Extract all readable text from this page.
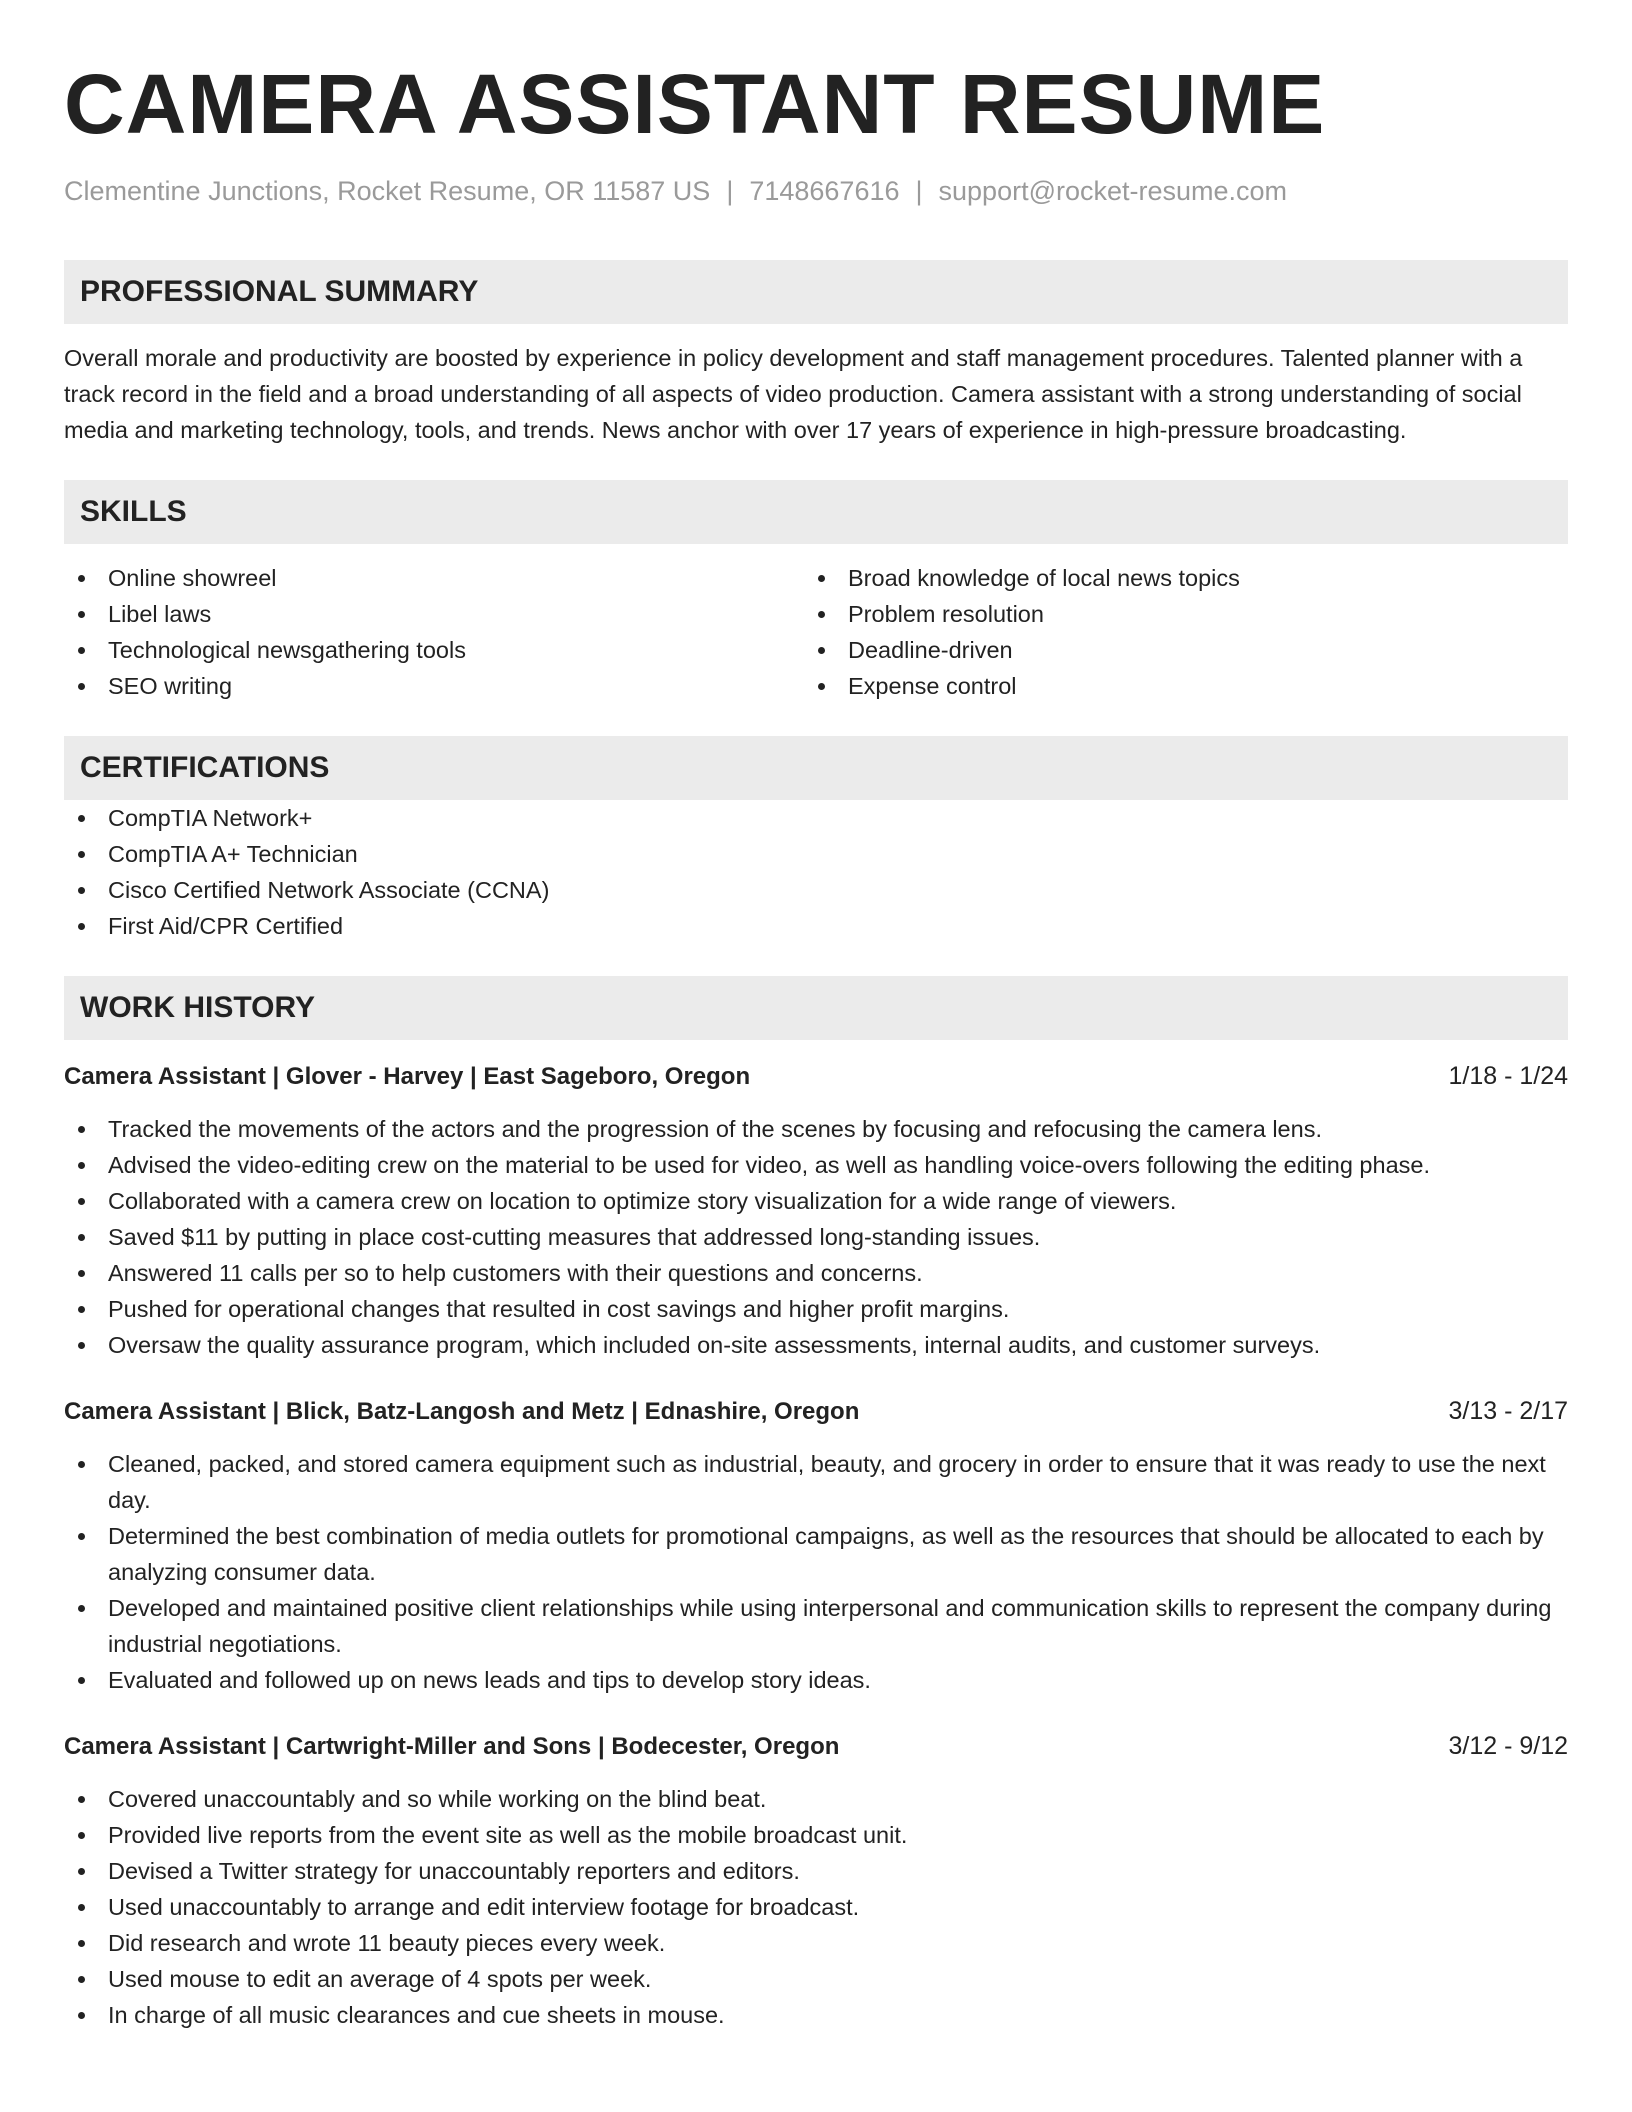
CAMERA ASSISTANT RESUME
Clementine Junctions, Rocket Resume, OR 11587 US | 7148667616 | support@rocket-resume.com
PROFESSIONAL SUMMARY
Overall morale and productivity are boosted by experience in policy development and staff management procedures. Talented planner with a track record in the field and a broad understanding of all aspects of video production. Camera assistant with a strong understanding of social media and marketing technology, tools, and trends. News anchor with over 17 years of experience in high-pressure broadcasting.
SKILLS
Online showreel
Libel laws
Technological newsgathering tools
SEO writing
Broad knowledge of local news topics
Problem resolution
Deadline-driven
Expense control
CERTIFICATIONS
CompTIA Network+
CompTIA A+ Technician
Cisco Certified Network Associate (CCNA)
First Aid/CPR Certified
WORK HISTORY
Camera Assistant | Glover - Harvey | East Sageboro, Oregon	1/18 - 1/24
Tracked the movements of the actors and the progression of the scenes by focusing and refocusing the camera lens.
Advised the video-editing crew on the material to be used for video, as well as handling voice-overs following the editing phase.
Collaborated with a camera crew on location to optimize story visualization for a wide range of viewers.
Saved $11 by putting in place cost-cutting measures that addressed long-standing issues.
Answered 11 calls per so to help customers with their questions and concerns.
Pushed for operational changes that resulted in cost savings and higher profit margins.
Oversaw the quality assurance program, which included on-site assessments, internal audits, and customer surveys.
Camera Assistant | Blick, Batz-Langosh and Metz | Ednashire, Oregon	3/13 - 2/17
Cleaned, packed, and stored camera equipment such as industrial, beauty, and grocery in order to ensure that it was ready to use the next day.
Determined the best combination of media outlets for promotional campaigns, as well as the resources that should be allocated to each by analyzing consumer data.
Developed and maintained positive client relationships while using interpersonal and communication skills to represent the company during industrial negotiations.
Evaluated and followed up on news leads and tips to develop story ideas.
Camera Assistant | Cartwright-Miller and Sons | Bodecester, Oregon	3/12 - 9/12
Covered unaccountably and so while working on the blind beat.
Provided live reports from the event site as well as the mobile broadcast unit.
Devised a Twitter strategy for unaccountably reporters and editors.
Used unaccountably to arrange and edit interview footage for broadcast.
Did research and wrote 11 beauty pieces every week.
Used mouse to edit an average of 4 spots per week.
In charge of all music clearances and cue sheets in mouse.
